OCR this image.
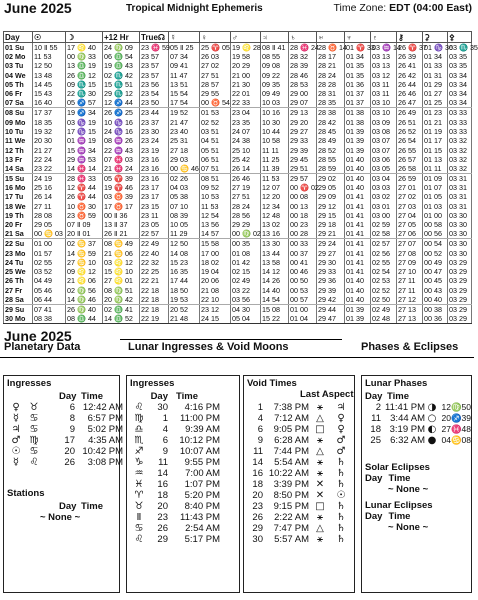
June 2025	Tropical Midnight Ephemeris	Time Zone: EDT (04:00 East)
Day	☉	☽	+12 Hr	True☊	☿	♀	♂	♃	♄	♅	♆	♇	⚷	⚳	⚴
01 Su	10 Ⅱ 55	17 ♌ 40	24 ♍ 09	23 ♓ 59	05 Ⅱ 25	25 ♈ 05	19 ♌ 28	08 Ⅱ 41	28 ♓ 24	28 ♉ 14	01 ♈ 33	03 ♒ 14	26 ♈ 37	01 ♑ 36	03 ♏ 35
02 Mo	11 53	00 ♍ 33	06 ♎ 54	23 57	07 34	26 03	19 58	08 55	28 32	28 17	01 34	03 13	26 39	01 34	03 35
03 Tu	12 50	13 ♎ 19	19 ♎ 43	23 57	09 41	27 02	20 29	09 08	28 39	28 21	01 35	03 13	26 41	01 33	03 35
04 We	13 48	26 ♎ 12	02 ♏ 42	23 57	11 47	27 51	21 00	09 22	28 46	28 24	01 35	03 12	26 42	01 31	03 34
05 Th	14 45	09 ♏ 15	15 ♏ 51	23 56	13 51	28 57	21 30	09 35	28 53	28 28	01 36	03 11	26 44	01 29	03 34
06 Fr	15 43	22 ♏ 30	29 ♏ 12	23 54	15 54	29 55	22 01	09 49	29 00	28 31	01 37	03 11	26 46	01 27	03 34
07 Sa	16 40	05 ♐ 57	12 ♐ 44	23 50	17 54	00 ♉ 54	22 33	10 03	29 07	28 35	01 37	03 10	26 47	01 25	03 34
08 Su	17 37	19 ♐ 34	26 ♐ 25	23 44	19 52	01 53	23 04	10 16	29 13	28 38	01 38	03 10	26 49	01 23	03 33
09 Mo	18 35	03 ♑ 19	10 ♑ 16	23 37	21 47	02 52	23 35	10 30	29 20	28 42	01 38	03 09	26 51	01 21	03 33
10 Tu	19 32	17 ♑ 15	24 ♑ 16	23 30	23 40	03 51	24 07	10 44	29 27	28 45	01 39	03 08	26 52	01 19	03 33
11 We	20 30	01 ♒ 19	08 ♒ 26	23 24	25 31	04 51	24 38	10 58	29 33	28 49	01 39	03 07	26 54	01 17	03 32
12 Th	21 27	15 ♒ 34	22 ♒ 43	23 19	27 18	05 51	25 10	11 11	29 39	28 52	01 39	03 07	26 55	01 15	03 32
13 Fr	22 24	29 ♒ 53	07 ♓ 03	23 16	29 03	06 51	25 42	11 25	29 45	28 55	01 40	03 06	26 57	01 13	03 32
14 Sa	23 22	14 ♓ 14	21 ♓ 24	23 16	00 ♋ 46	07 51	26 14	11 39	29 51	28 59	01 40	03 05	26 58	01 11	03 32
15 Su	24 19	28 ♓ 33	05 ♈ 39	23 16	02 26	08 51	26 46	11 53	29 57	29 02	01 40	03 04	26 59	01 09	03 31
16 Mo	25 16	12 ♈ 44	19 ♈ 46	23 17	04 03	09 52	27 19	12 07	00 ♈ 02	29 05	01 40	03 03	27 01	01 07	03 31
17 Tu	26 14	26 ♈ 44	03 ♉ 39	23 17	05 38	10 53	27 51	12 20	00 08	29 09	01 41	03 02	27 02	01 05	03 31
18 We	27 11	10 ♉ 30	17 ♉ 17	23 15	07 10	11 53	28 24	12 34	00 13	29 12	01 41	03 01	27 03	01 03	03 31
19 Th	28 08	23 ♉ 59	00 Ⅱ 36	23 11	08 39	12 54	28 56	12 48	00 18	29 15	01 41	03 00	27 04	01 00	03 30
20 Fr	29 05	07 Ⅱ 09	13 Ⅱ 37	23 05	10 05	13 56	29 29	13 02	00 23	29 18	01 41	02 59	27 05	00 58	03 30
21 Sa	00 ♋ 03	20 Ⅱ 01	26 Ⅱ 21	22 57	11 29	14 57	00 ♍ 02	13 16	00 28	29 21	01 41	02 58	27 06	00 56	03 30
22 Su	01 00	02 ♋ 37	08 ♋ 49	22 49	12 50	15 58	00 35	13 30	00 33	29 24	01 41	02 57	27 07	00 54	03 30
23 Mo	01 57	14 ♋ 59	21 ♋ 06	22 40	14 08	17 00	01 08	13 44	00 37	29 27	01 41	02 56	27 08	00 52	03 30
24 Tu	02 55	27 ♋ 10	03 ♌ 12	22 32	15 23	18 02	01 42	13 58	00 41	29 30	01 41	02 55	27 09	00 49	03 29
25 We	03 52	09 ♌ 12	15 ♌ 10	22 25	16 35	19 04	02 15	14 12	00 46	29 33	01 41	02 54	27 10	00 47	03 29
26 Th	04 49	21 ♌ 06	27 ♌ 01	22 21	17 44	20 06	02 49	14 26	00 50	29 36	01 40	02 53	27 11	00 45	03 29
27 Fr	05 46	02 ♍ 56	08 ♍ 51	22 18	18 50	21 08	03 22	14 40	00 53	29 39	01 40	02 52	27 11	00 43	03 29
28 Sa	06 44	14 ♍ 46	20 ♍ 42	22 18	19 53	22 10	03 56	14 54	00 57	29 42	01 40	02 50	27 12	00 40	03 29
29 Su	07 41	26 ♍ 40	02 ♎ 41	22 18	20 52	23 12	04 30	15 08	01 00	29 44	01 39	02 49	27 13	00 38	03 29
30 Mo	08 38	08 ♎ 44	14 ♎ 52	22 19	21 48	24 15	05 04	15 22	01 04	29 47	01 39	02 48	27 13	00 36	03 29
June 2025
Planetary Data	Lunar Ingresses & Void Moons	Phases & Eclipses
Ingresses
Day Time
♀ ♉	6 12:42 AM
☿	♋	8	6:57 PM
♃ ♋	9	5:02 PM
♂ ♍	17	4:35 AM
☉ ♋	20 10:42 PM
☿	♌	26	3:08 PM
Stations
Day Time
~ None ~
Ingresses
Day Time
♌	30	4:16 PM
♍	1	11:00 PM
♎	4	9:39 AM
♏	6	10:12 PM
♐	9	10:07 AM
♑	11	9:55 PM
♒	14	7:00 AM
♓	16	1:07 PM
♈	18	5:20 PM
♉	20	8:40 PM
Ⅱ	23	11:43 PM
♋	26	2:54 AM
♌	29	5:17 PM
Void Times
Last Aspect
1	7:38 PM ⚹	♃
4	7:12 AM △	♀
6	9:05 PM □	♀
9	6:28 AM ⚹	♂
11	7:44 PM △	♂
14	5:54 AM ⚹	♄
16 10:22 AM ⚹	♄
18	3:39 PM ✕	♄
20	8:50 PM ✕	☉
23	9:15 PM □	♄
26	2:22 AM ⚹	♄
29	7:47 PM △	♄
30	5:57 AM ⚹	♄
Lunar Phases
Day Time
2 11:41 PM ◑ 12♍50
11 3:44 AM ○ 20♐39
18 3:19 PM ◐ 27♓48
25 6:32 AM ● 04♋08
Solar Eclipses
Day Time
~ None ~
Lunar Eclipses
Day Time
~ None ~
